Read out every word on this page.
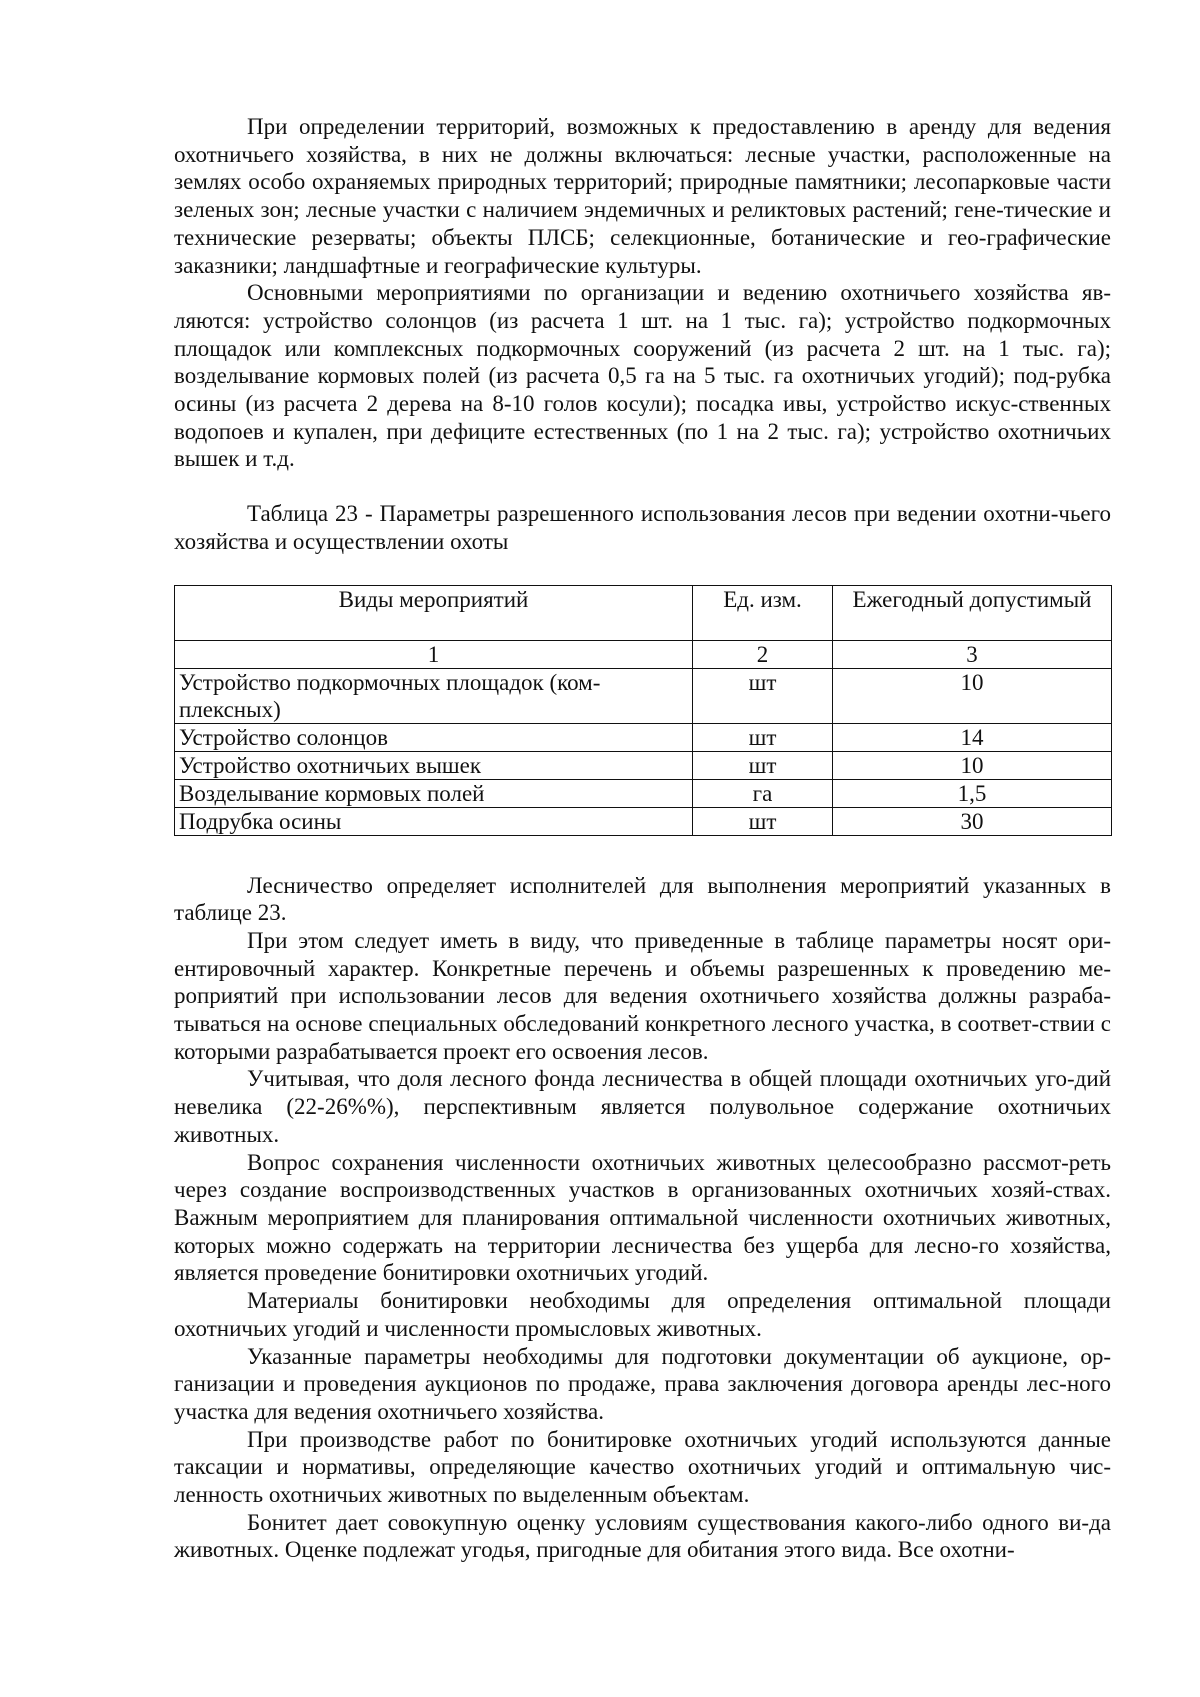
При определении территорий, возможных к предоставлению в аренду для ведения охотничьего хозяйства, в них не должны включаться: лесные участки, расположенные на землях особо охраняемых природных территорий; природные памятники; лесопарковые части зеленых зон; лесные участки с наличием эндемичных и реликтовых растений; гене-тические и технические резерваты; объекты ПЛСБ; селекционные, ботанические и гео-графические заказники; ландшафтные и географические культуры.

Основными мероприятиями по организации и ведению охотничьего хозяйства яв-ляются: устройство солонцов (из расчета 1 шт. на 1 тыс. га); устройство подкормочных площадок или комплексных подкормочных сооружений (из расчета 2 шт. на 1 тыс. га); возделывание кормовых полей (из расчета 0,5 га на 5 тыс. га охотничьих угодий); под-рубка осины (из расчета 2 дерева на 8-10 голов косули); посадка ивы, устройство искус-ственных водопоев и купален, при дефиците естественных (по 1 на 2 тыс. га); устройство охотничьих вышек и т.д.

Таблица 23 - Параметры разрешенного использования лесов при ведении охотни-чьего хозяйства и осуществлении охоты

Виды мероприятий	Ед. изм.	Ежегодный допустимый
1	2	3
Устройство подкормочных площадок (ком-плексных)	шт	10
Устройство солонцов	шт	14
Устройство охотничьих вышек	шт	10
Возделывание кормовых полей	га	1,5
Подрубка осины	шт	30

Лесничество определяет исполнителей для выполнения мероприятий указанных в таблице 23.

При этом следует иметь в виду, что приведенные в таблице параметры носят ори-ентировочный характер. Конкретные перечень и объемы разрешенных к проведению ме-роприятий при использовании лесов для ведения охотничьего хозяйства должны разраба-тываться на основе специальных обследований конкретного лесного участка, в соответ-ствии с которыми разрабатывается проект его освоения лесов.

Учитывая, что доля лесного фонда лесничества в общей площади охотничьих уго-дий невелика (22-26%%), перспективным является полувольное содержание охотничьих животных.

Вопрос сохранения численности охотничьих животных целесообразно рассмот-реть через создание воспроизводственных участков в организованных охотничьих хозяй-ствах. Важным мероприятием для планирования оптимальной численности охотничьих животных, которых можно содержать на территории лесничества без ущерба для лесно-го хозяйства, является проведение бонитировки охотничьих угодий.

Материалы бонитировки необходимы для определения оптимальной площади охотничьих угодий и численности промысловых животных.

Указанные параметры необходимы для подготовки документации об аукционе, ор-ганизации и проведения аукционов по продаже, права заключения договора аренды лес-ного участка для ведения охотничьего хозяйства.

При производстве работ по бонитировке охотничьих угодий используются данные таксации и нормативы, определяющие качество охотничьих угодий и оптимальную чис-ленность охотничьих животных по выделенным объектам.

Бонитет дает совокупную оценку условиям существования какого-либо одного ви-да животных. Оценке подлежат угодья, пригодные для обитания этого вида. Все охотни-
